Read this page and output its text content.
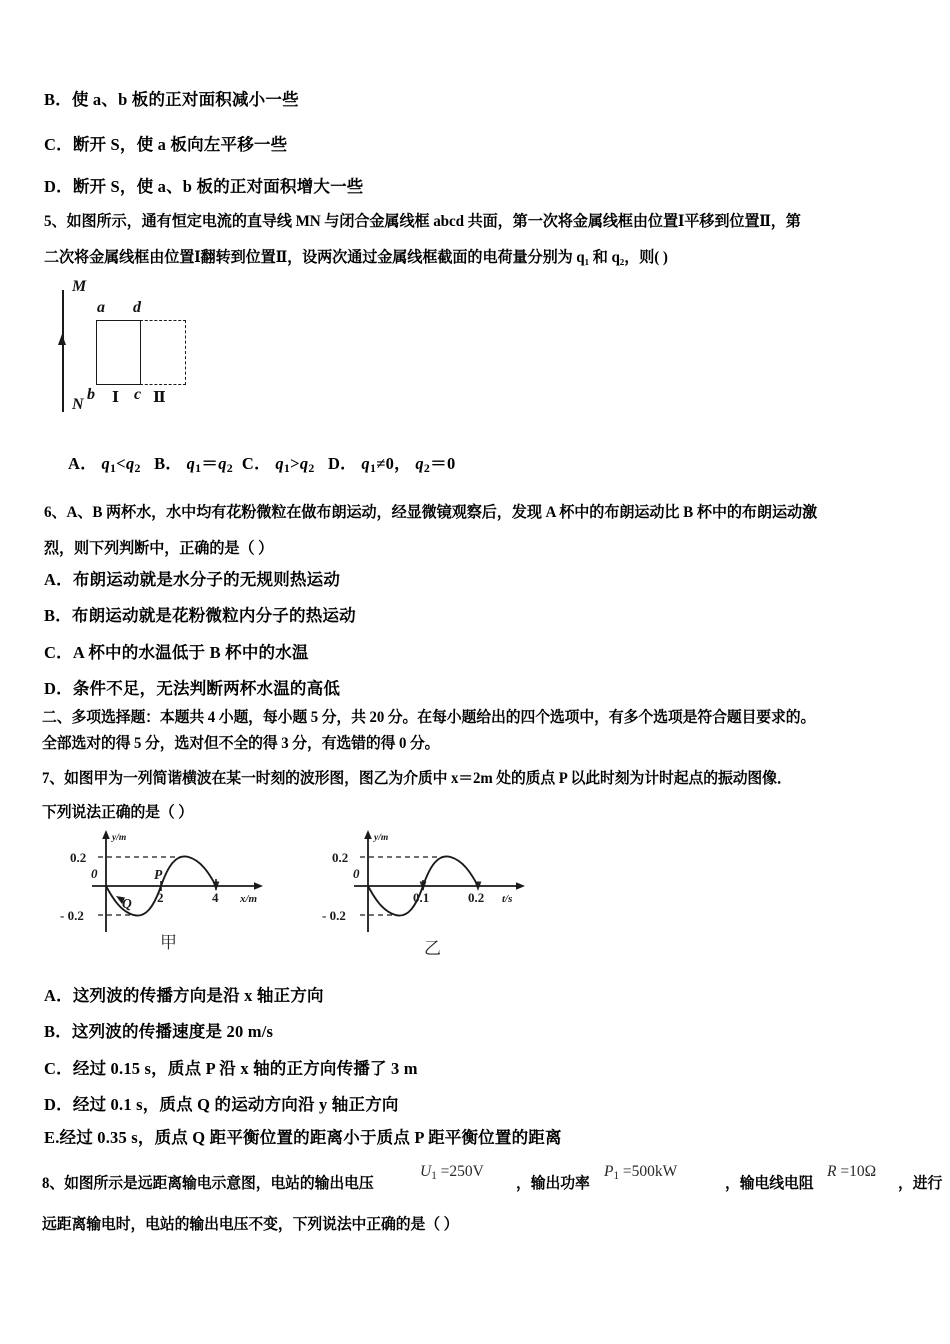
B．使 a、b 板的正对面积减小一些
C．断开 S，使 a 板向左平移一些
D．断开 S，使 a、b 板的正对面积增大一些
5、如图所示，通有恒定电流的直导线 MN 与闭合金属线框 abcd 共面，第一次将金属线框由位置Ⅰ平移到位置Ⅱ，第
二次将金属线框由位置Ⅰ翻转到位置Ⅱ，设两次通过金属线框截面的电荷量分别为 q₁ 和 q₂，则( )
M
N
a d
b c
Ⅰ Ⅱ
A． q1<q2 B． q1＝q2 C． q1>q2 D． q1≠0， q2＝0
6、A、B 两杯水，水中均有花粉微粒在做布朗运动，经显微镜观察后，发现 A 杯中的布朗运动比 B 杯中的布朗运动激
烈，则下列判断中，正确的是（ ）
A．布朗运动就是水分子的无规则热运动
B．布朗运动就是花粉微粒内分子的热运动
C．A 杯中的水温低于 B 杯中的水温
D．条件不足，无法判断两杯水温的高低
二、多项选择题：本题共 4 小题，每小题 5 分，共 20 分。在每小题给出的四个选项中，有多个选项是符合题目要求的。
全部选对的得 5 分，选对但不全的得 3 分，有选错的得 0 分。
7、如图甲为一列简谐横波在某一时刻的波形图，图乙为介质中 x＝2m 处的质点 P 以此时刻为计时起点的振动图像．
下列说法正确的是（ ）
y/m
0
0.2
- 0.2
P
Q 2	4 x/m
甲
y/m
0
0.2
- 0.2
0.1	0.2 t/s
乙
A．这列波的传播方向是沿 x 轴正方向
B．这列波的传播速度是 20 m/s
C．经过 0.15 s，质点 P 沿 x 轴的正方向传播了 3 m
D．经过 0.1 s，质点 Q 的运动方向沿 y 轴正方向
E.经过 0.35 s，质点 Q 距平衡位置的距离小于质点 P 距平衡位置的距离
8、如图所示是远距离输电示意图，电站的输出电压
U1 =250V
，输出功率
P1 =500kW
，输电线电阻
R =10Ω
，进行
远距离输电时，电站的输出电压不变，下列说法中正确的是（ ）
